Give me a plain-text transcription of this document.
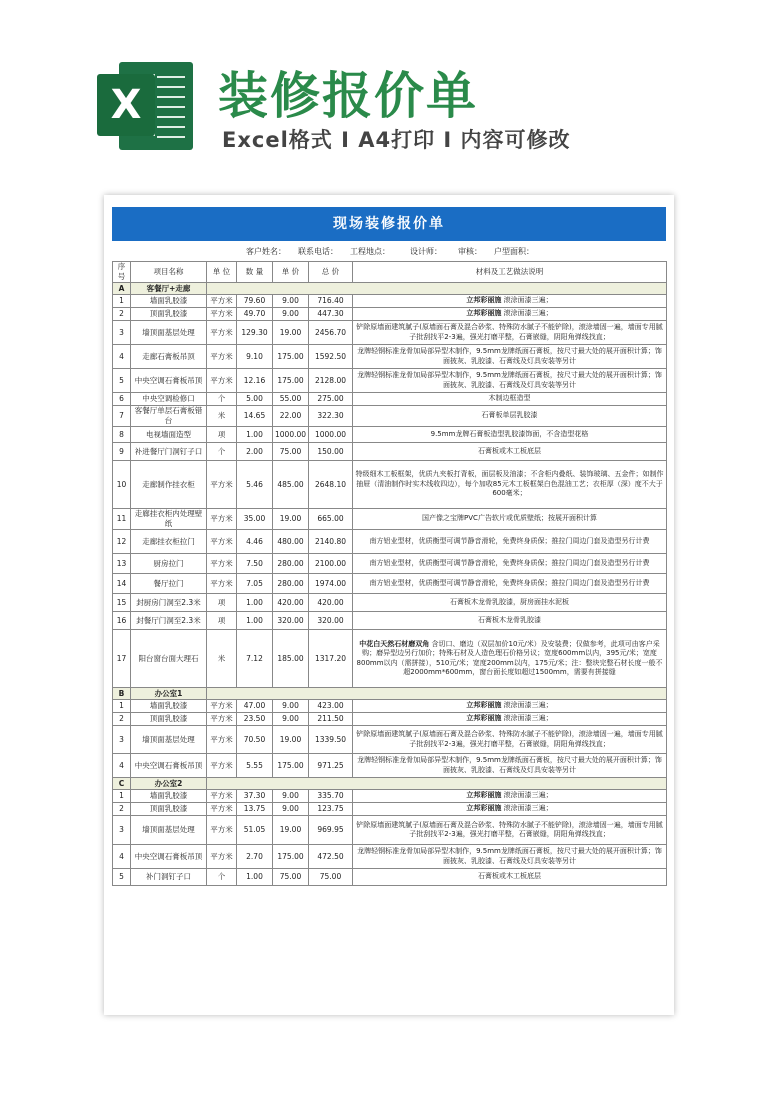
X 装修报价单
Excel格式 I A4打印 I 内容可修改
现场装修报价单
客户姓名： 联系电话： 工程地点：	设计师： 审核： 户型面积：
序号	项目名称	单 位	数 量	单 价	总 价	材料及工艺做法说明
A	客餐厅+走廊					
1	墙面乳胶漆	平方米	79.60	9.00	716.40	立邦彩丽施 滚涂面漆三遍；
2	顶面乳胶漆	平方米	49.70	9.00	447.30	立邦彩丽施 滚涂面漆三遍；
3	墙顶面基层处理	平方米	129.30	19.00	2456.70	铲除原墙面建筑腻子(原墙面石膏及混合砂浆、特殊防水腻子不能铲除)，滚涂墙固一遍，墙面专用腻子批刮找平2-3遍，强光打磨平整，石膏嵌缝，阴阳角弹线找直；
4	走廊石膏板吊顶	平方米	9.10	175.00	1592.50	龙牌轻钢标准龙骨加局部异型木制作，9.5mm龙牌纸面石膏板，按尺寸最大处的展开面积计算；饰面披灰、乳胶漆、石膏线及灯具安装等另计
5	中央空调石膏板吊顶	平方米	12.16	175.00	2128.00	龙牌轻钢标准龙骨加局部异型木制作，9.5mm龙牌纸面石膏板，按尺寸最大处的展开面积计算；饰面披灰、乳胶漆、石膏线及灯具安装等另计
6	中央空调检修口	个	5.00	55.00	275.00	木制边框造型
7	客餐厅单层石膏板错台	米	14.65	22.00	322.30	石膏板单层乳胶漆
8	电视墙面造型	项	1.00	1000.00	1000.00	9.5mm龙牌石膏板造型乳胶漆饰面，不含造型花格
9	补进餐厅门洞钉子口	个	2.00	75.00	150.00	石膏板或木工板底层
10	走廊制作挂衣柜	平方米	5.46	485.00	2648.10	特级细木工板框架，优质九夹板打背板，面层板及油漆；不含柜内叠纸、装饰玻璃、五金件；如制作抽屉（清油制作时实木线收四边），每个加收85元木工板框架白色混油工艺；衣柜厚（深）度不大于600毫米；
11	走廊挂衣柜内处理壁纸	平方米	35.00	19.00	665.00	国产像之宝牌PVC广告软片或优质壁纸；按展开面积计算
12	走廊挂衣柜拉门	平方米	4.46	480.00	2140.80	南方铝业型材，优质衡型可调节静音滑轮，免费终身质保；推拉门周边门套及造型另行计费
13	厨房拉门	平方米	7.50	280.00	2100.00	南方铝业型材，优质衡型可调节静音滑轮，免费终身质保；推拉门周边门套及造型另行计费
14	餐厅拉门	平方米	7.05	280.00	1974.00	南方铝业型材，优质衡型可调节静音滑轮，免费终身质保；推拉门周边门套及造型另行计费
15	封厨房门洞至2.3米	项	1.00	420.00	420.00	石膏板木龙骨乳胶漆，厨房面挂水泥板
16	封餐厅门洞至2.3米	项	1.00	320.00	320.00	石膏板木龙骨乳胶漆
17	阳台窗台面大理石	米	7.12	185.00	1317.20	中花白天然石材磨双角 含切口、磨边（双层加价10元/米）及安装费；仅做参考，此项可由客户采购；磨异型边另行加价；特殊石材及人造色理石价格另议；宽度600mm以内，395元/米；宽度800mm以内（需拼接），510元/米；宽度200mm以内，175元/米；注：整块完整石材长度一般不超2000mm*600mm，窗台面长度如超过1500mm，需要有拼接缝
B	办公室1					
1	墙面乳胶漆	平方米	47.00	9.00	423.00	立邦彩丽施 滚涂面漆三遍；
2	顶面乳胶漆	平方米	23.50	9.00	211.50	立邦彩丽施 滚涂面漆三遍；
3	墙顶面基层处理	平方米	70.50	19.00	1339.50	铲除原墙面建筑腻子(原墙面石膏及混合砂浆、特殊防水腻子不能铲除)，滚涂墙固一遍，墙面专用腻子批刮找平2-3遍，强光打磨平整，石膏嵌缝，阴阳角弹线找直；
4	中央空调石膏板吊顶	平方米	5.55	175.00	971.25	龙牌轻钢标准龙骨加局部异型木制作，9.5mm龙牌纸面石膏板，按尺寸最大处的展开面积计算；饰面披灰、乳胶漆、石膏线及灯具安装等另计
C	办公室2					
1	墙面乳胶漆	平方米	37.30	9.00	335.70	立邦彩丽施 滚涂面漆三遍；
2	顶面乳胶漆	平方米	13.75	9.00	123.75	立邦彩丽施 滚涂面漆三遍；
3	墙顶面基层处理	平方米	51.05	19.00	969.95	铲除原墙面建筑腻子(原墙面石膏及混合砂浆、特殊防水腻子不能铲除)，滚涂墙固一遍，墙面专用腻子批刮找平2-3遍，强光打磨平整，石膏嵌缝，阴阳角弹线找直；
4	中央空调石膏板吊顶	平方米	2.70	175.00	472.50	龙牌轻钢标准龙骨加局部异型木制作，9.5mm龙牌纸面石膏板，按尺寸最大处的展开面积计算；饰面披灰、乳胶漆、石膏线及灯具安装等另计
5	补门洞钉子口	个	1.00	75.00	75.00	石膏板或木工板底层
